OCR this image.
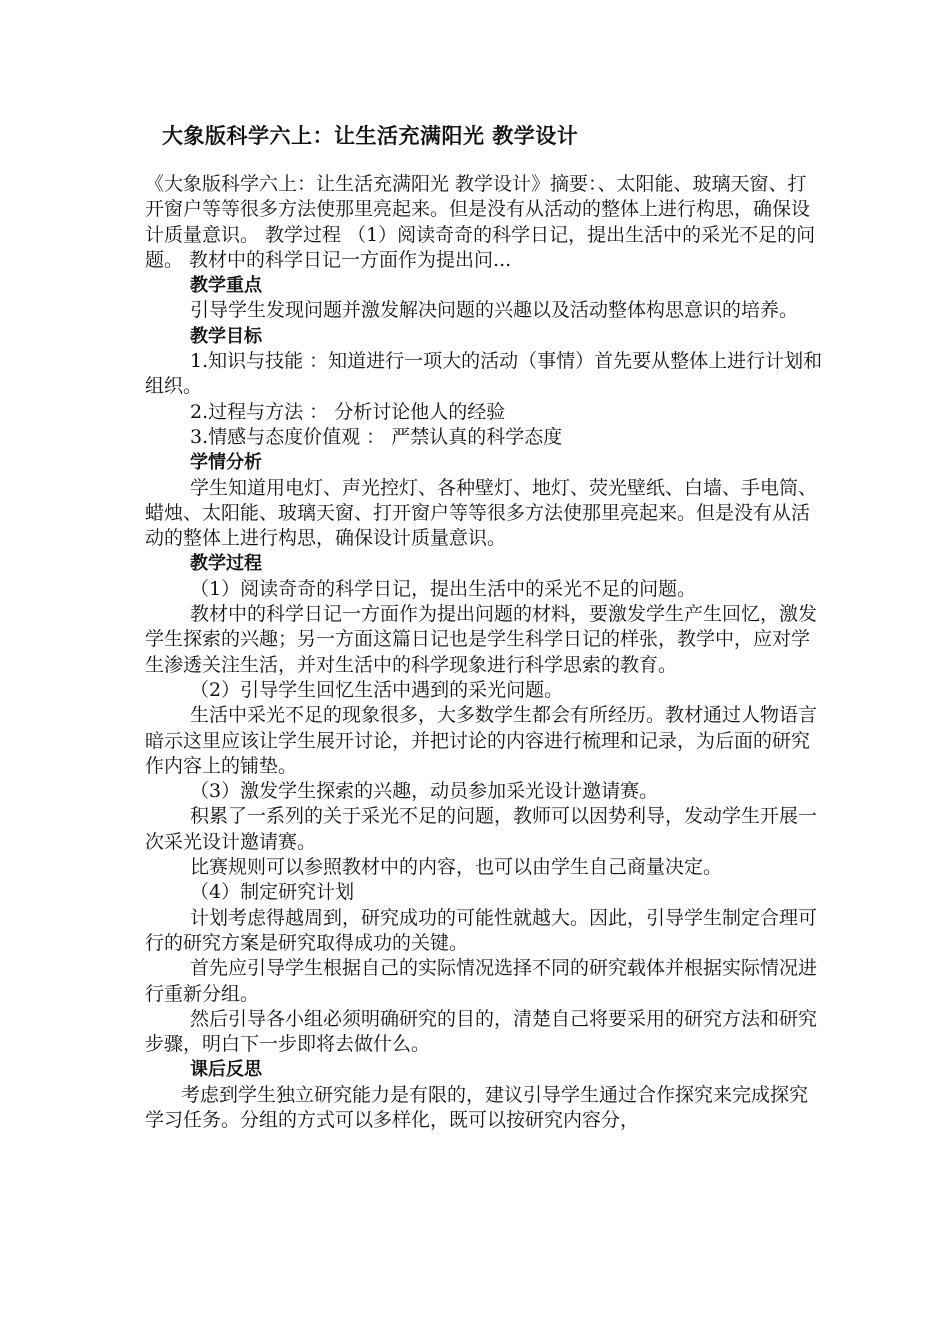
大象版科学六上：让生活充满阳光 教学设计

《大象版科学六上：让生活充满阳光 教学设计》摘要：、太阳能、玻璃天窗、打开窗户等等很多方法使那里亮起来。但是没有从活动的整体上进行构思，确保设计质量意识。 教学过程 （1）阅读奇奇的科学日记，提出生活中的采光不足的问题。 教材中的科学日记一方面作为提出问...

教学重点

引导学生发现问题并激发解决问题的兴趣以及活动整体构思意识的培养。

教学目标

1.知识与技能 ：知道进行一项大的活动（事情）首先要从整体上进行计划和组织。

2.过程与方法 ： 分析讨论他人的经验

3.情感与态度价值观 ： 严禁认真的科学态度

学情分析

学生知道用电灯、声光控灯、各种壁灯、地灯、荧光壁纸、白墙、手电筒、蜡烛、太阳能、玻璃天窗、打开窗户等等很多方法使那里亮起来。但是没有从活动的整体上进行构思，确保设计质量意识。

教学过程

（1）阅读奇奇的科学日记，提出生活中的采光不足的问题。

教材中的科学日记一方面作为提出问题的材料，要激发学生产生回忆，激发学生探索的兴趣；另一方面这篇日记也是学生科学日记的样张，教学中，应对学生渗透关注生活，并对生活中的科学现象进行科学思索的教育。

（2）引导学生回忆生活中遇到的采光问题。

生活中采光不足的现象很多，大多数学生都会有所经历。教材通过人物语言暗示这里应该让学生展开讨论，并把讨论的内容进行梳理和记录，为后面的研究作内容上的铺垫。

（3）激发学生探索的兴趣，动员参加采光设计邀请赛。

积累了一系列的关于采光不足的问题，教师可以因势利导，发动学生开展一次采光设计邀请赛。

比赛规则可以参照教材中的内容，也可以由学生自己商量决定。

（4）制定研究计划

计划考虑得越周到，研究成功的可能性就越大。因此，引导学生制定合理可行的研究方案是研究取得成功的关键。

首先应引导学生根据自己的实际情况选择不同的研究载体并根据实际情况进行重新分组。

然后引导各小组必须明确研究的目的，清楚自己将要采用的研究方法和研究步骤，明白下一步即将去做什么。

课后反思

考虑到学生独立研究能力是有限的，建议引导学生通过合作探究来完成探究学习任务。分组的方式可以多样化，既可以按研究内容分，
